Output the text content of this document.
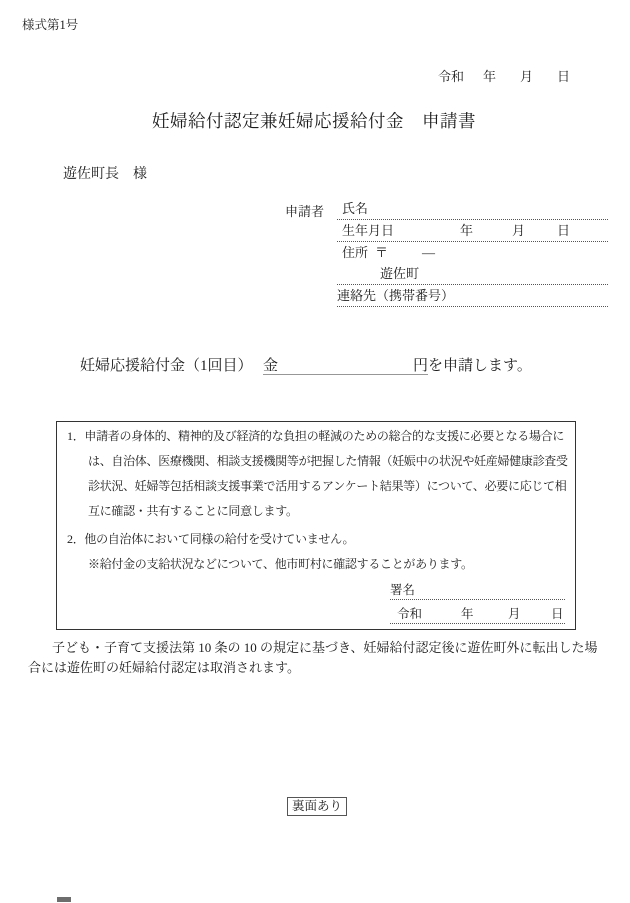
様式第1号
令和 年 月 日
妊婦給付認定兼妊婦応援給付金　申請書
遊佐町長　様
申請者 氏名
生年月日	年	月 日
住所 〒	―
遊佐町
連絡先（携帯番号）
妊婦応援給付金（1回目） 金	円を申請します。
1．申請者の身体的、精神的及び経済的な負担の軽減のための総合的な支援に必要となる場合に
は、自治体、医療機関、相談支援機関等が把握した情報（妊娠中の状況や妊産婦健康診査受
診状況、妊婦等包括相談支援事業で活用するアンケート結果等）について、必要に応じて相
互に確認・共有することに同意します。
2．他の自治体において同様の給付を受けていません。
※給付金の支給状況などについて、他市町村に確認することがあります。
署名
令和	年	月 日
　子ども・子育て支援法第 10 条の 10 の規定に基づき、妊婦給付認定後に遊佐町外に転出した場
合には遊佐町の妊婦給付認定は取消されます。
裏面あり
